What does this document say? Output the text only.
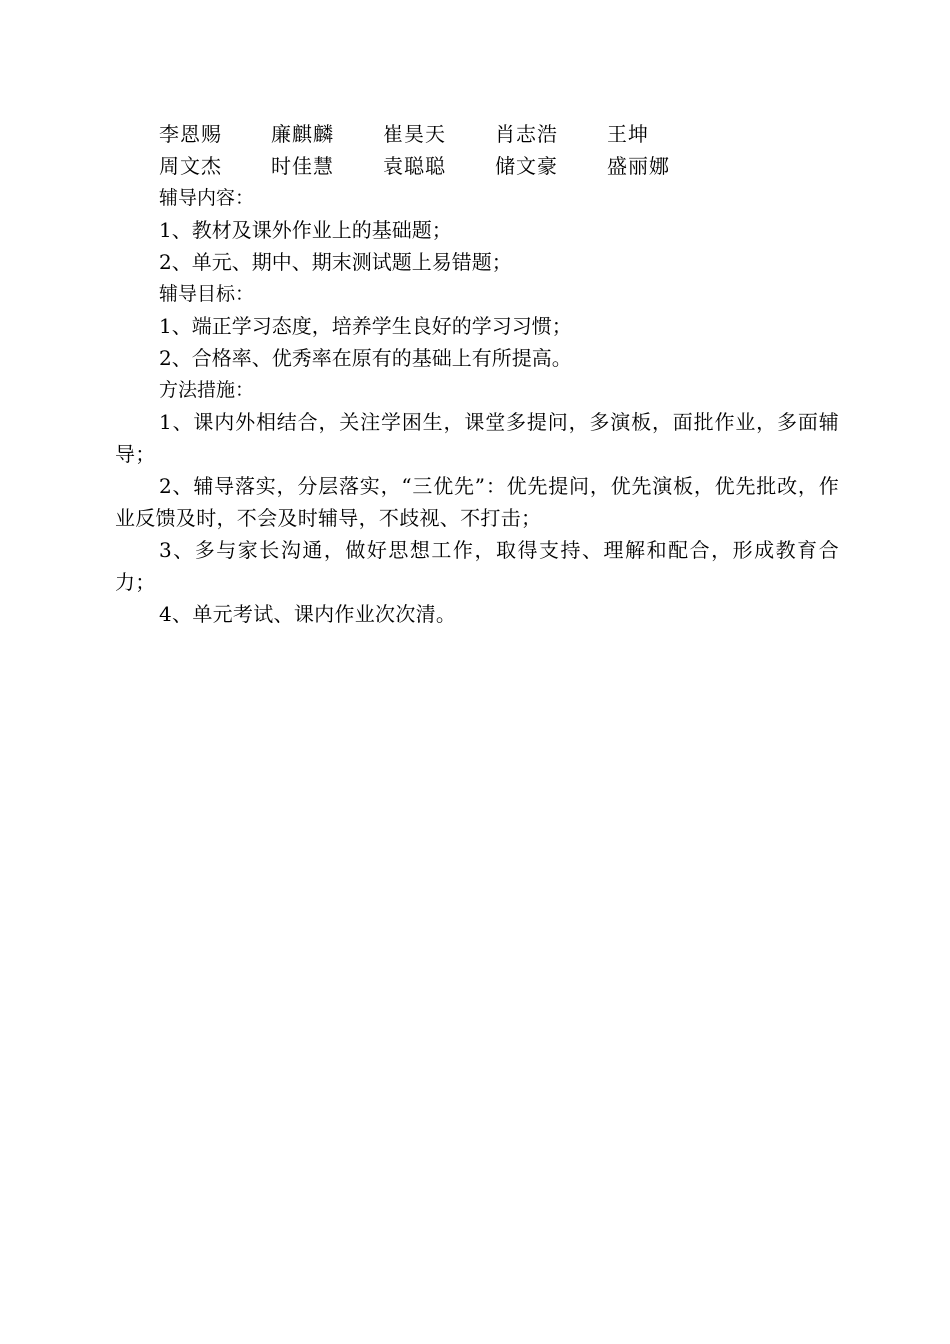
李恩赐	廉麒麟	崔昊天	肖志浩	王坤
周文杰	时佳慧	袁聪聪	储文豪	盛丽娜
辅导内容：
1、教材及课外作业上的基础题；
2、单元、期中、期末测试题上易错题；
辅导目标：
1、端正学习态度，培养学生良好的学习习惯；
2、合格率、优秀率在原有的基础上有所提高。
方法措施：
1、课内外相结合，关注学困生，课堂多提问，多演板，面批作业，多面辅导；
2、辅导落实，分层落实，“三优先”：优先提问，优先演板，优先批改，作业反馈及时，不会及时辅导，不歧视、不打击；
3、多与家长沟通，做好思想工作，取得支持、理解和配合，形成教育合力；
4、单元考试、课内作业次次清。
